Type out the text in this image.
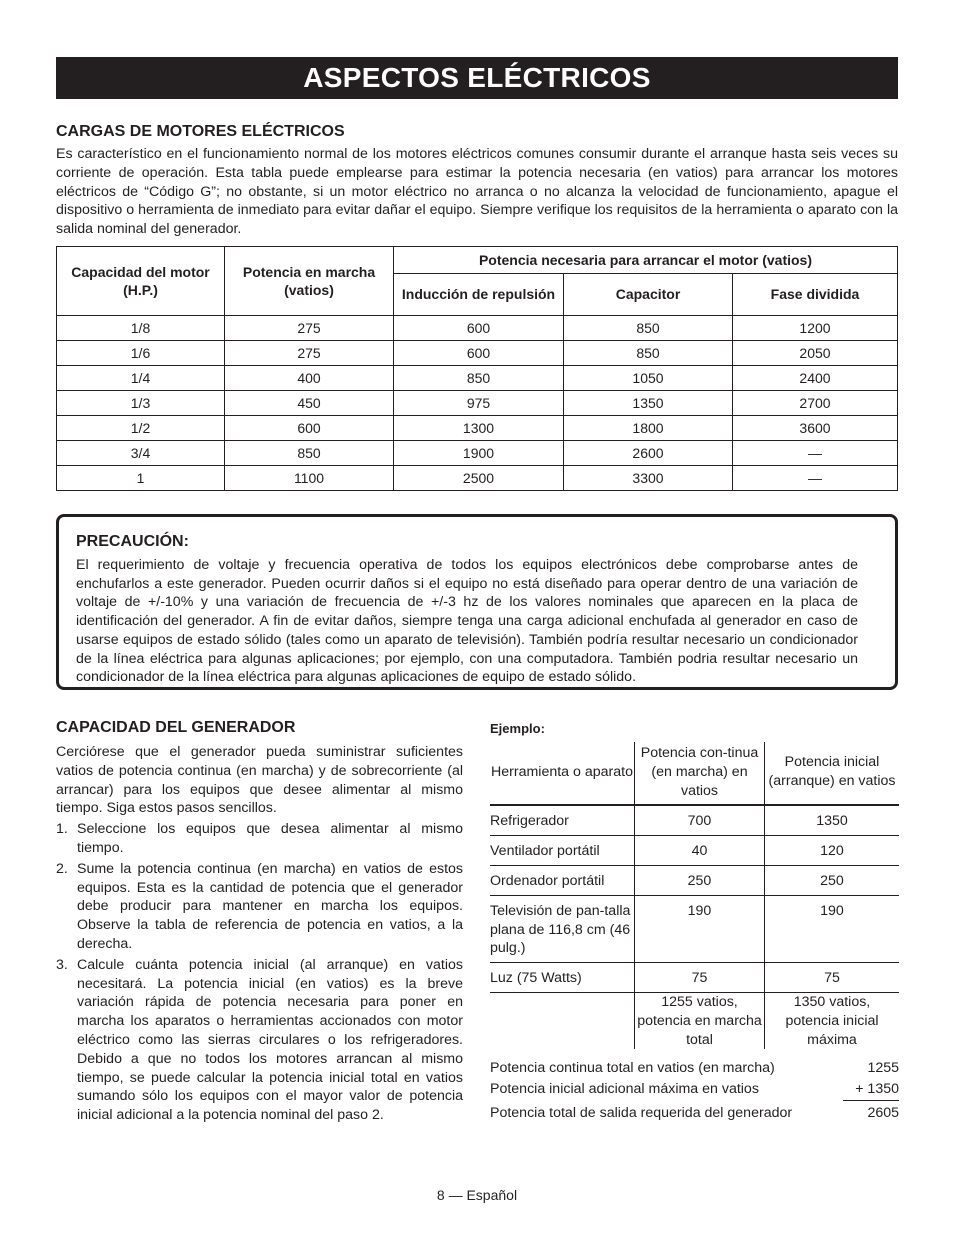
ASPECTOS ELÉCTRICOS
CARGAS DE MOTORES ELÉCTRICOS

Es característico en el funcionamiento normal de los motores eléctricos comunes consumir durante el arranque hasta seis veces su corriente de operación. Esta tabla puede emplearse para estimar la potencia necesaria (en vatios) para arrancar los motores eléctricos de “Código G”; no obstante, si un motor eléctrico no arranca o no alcanza la velocidad de funcionamiento, apague el dispositivo o herramienta de inmediato para evitar dañar el equipo. Siempre verifique los requisitos de la herramienta o aparato con la salida nominal del generador.

Capacidad del motor (H.P.)	Potencia en marcha (vatios)	Potencia necesaria para arrancar el motor (vatios)		
		Inducción de repulsión	Capacitor	Fase dividida
1/8	275	600	850	1200
1/6	275	600	850	2050
1/4	400	850	1050	2400
1/3	450	975	1350	2700
1/2	600	1300	1800	3600
3/4	850	1900	2600	—
1	1100	2500	3300	—
PRECAUCIÓN:

El requerimiento de voltaje y frecuencia operativa de todos los equipos electrónicos debe comprobarse antes de enchufarlos a este generador. Pueden ocurrir daños si el equipo no está diseñado para operar dentro de una variación de voltaje de +/-10% y una variación de frecuencia de +/-3 hz de los valores nominales que aparecen en la placa de identificación del generador. A fin de evitar daños, siempre tenga una carga adicional enchufada al generador en caso de usarse equipos de estado sólido (tales como un aparato de televisión). También podría resultar necesario un condicionador de la línea eléctrica para algunas aplicaciones; por ejemplo, con una computadora. También podria resultar necesario un condicionador de la línea eléctrica para algunas aplicaciones de equipo de estado sólido.

CAPACIDAD DEL GENERADOR

Cerciórese que el generador pueda suministrar suficientes vatios de potencia continua (en marcha) y de sobrecorriente (al arrancar) para los equipos que desee alimentar al mismo tiempo. Siga estos pasos sencillos.

1. Seleccione los equipos que desea alimentar al mismo tiempo.
2. Sume la potencia continua (en marcha) en vatios de estos equipos. Esta es la cantidad de potencia que el generador debe producir para mantener en marcha los equipos. Observe la tabla de referencia de potencia en vatios, a la derecha.
3. Calcule cuánta potencia inicial (al arranque) en vatios necesitará. La potencia inicial (en vatios) es la breve variación rápida de potencia necesaria para poner en marcha los aparatos o herramientas accionados con motor eléctrico como las sierras circulares o los refrigeradores. Debido a que no todos los motores arrancan al mismo tiempo, se puede calcular la potencia inicial total en vatios sumando sólo los equipos con el mayor valor de potencia inicial adicional a la potencia nominal del paso 2.
Ejemplo:
Herramienta o aparato	Potencia con-tinua (en marcha) en vatios	Potencia inicial (arranque) en vatios
Refrigerador	700	1350
Ventilador portátil	40	120
Ordenador portátil	250	250
Televisión de pan-talla plana de 116,8 cm (46 pulg.)	190	190
Luz (75 Watts)	75	75
	1255 vatios, potencia en marcha total	1350 vatios, potencia inicial máxima
Potencia continua total en vatios (en marcha)	1255
Potencia inicial adicional máxima en vatios	+ 1350
Potencia total de salida requerida del generador	2605
8 — Español
